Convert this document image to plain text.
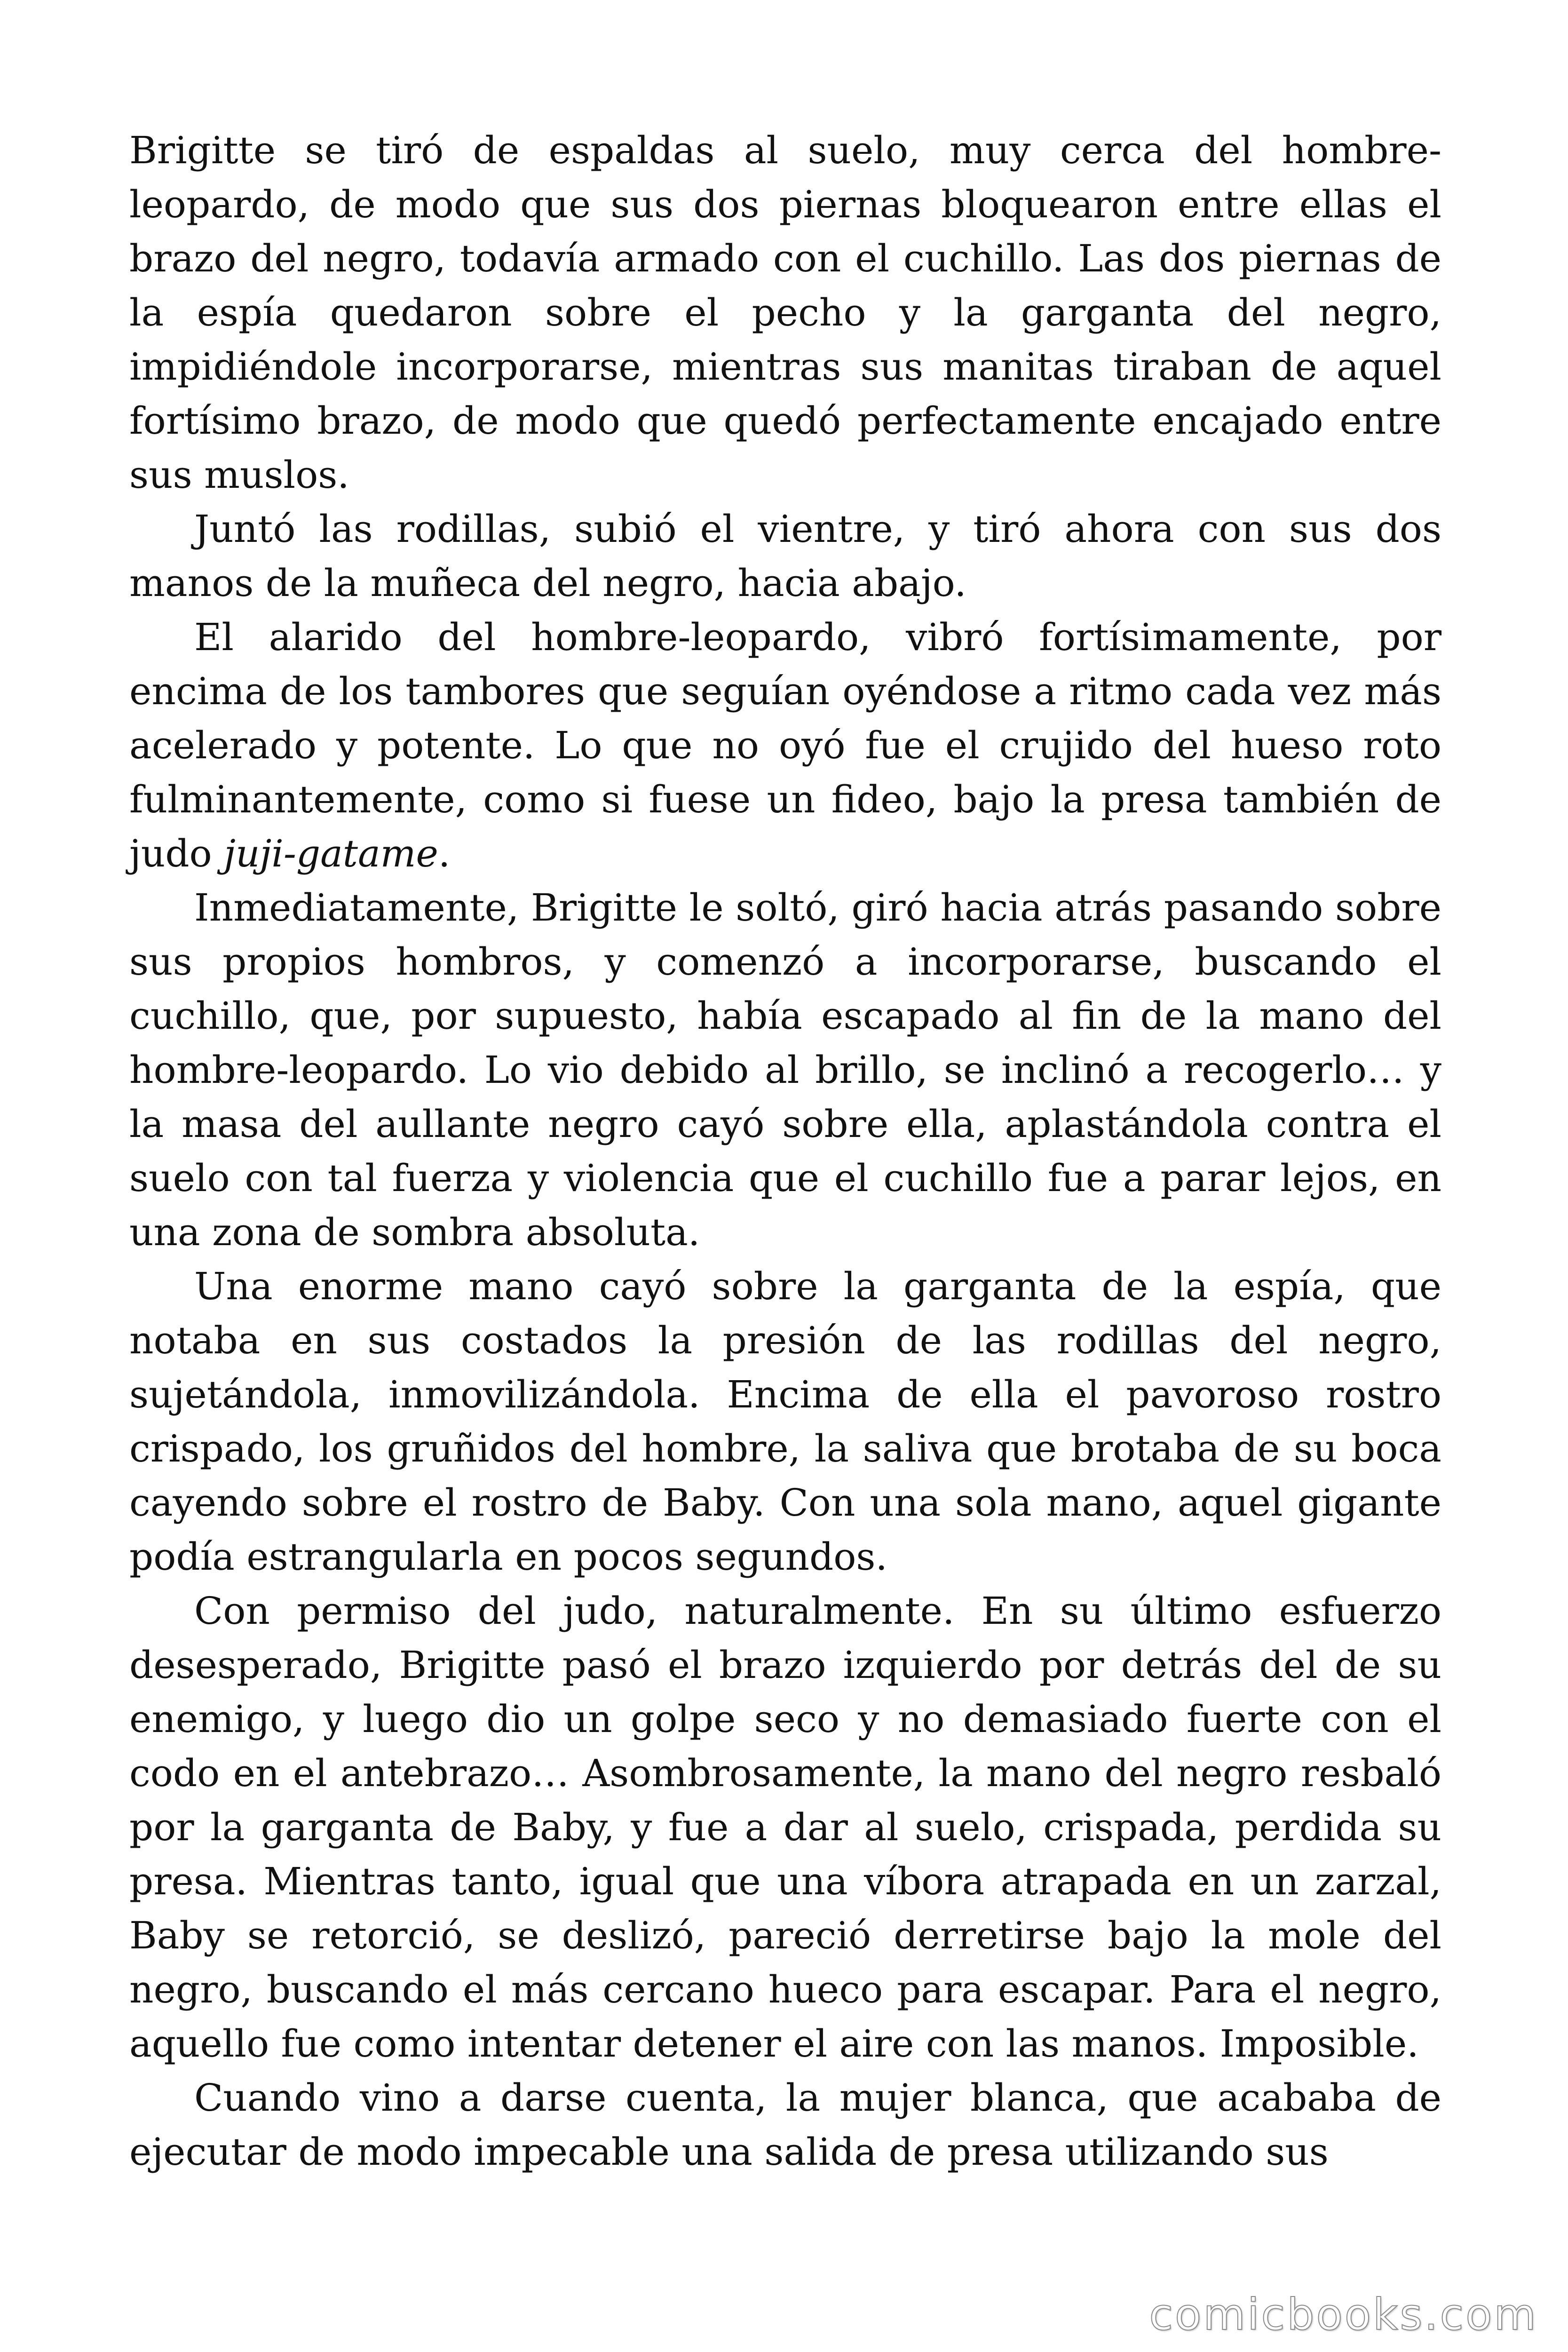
Brigitte se tiró de espaldas al suelo, muy cerca del hombre-leopardo, de modo que sus dos piernas bloquearon entre ellas el brazo del negro, todavía armado con el cuchillo. Las dos piernas de la espía quedaron sobre el pecho y la garganta del negro, impidiéndole incorporarse, mientras sus manitas tiraban de aquel fortísimo brazo, de modo que quedó perfectamente encajado entre sus muslos.

Juntó las rodillas, subió el vientre, y tiró ahora con sus dos manos de la muñeca del negro, hacia abajo.

El alarido del hombre-leopardo, vibró fortísimamente, por encima de los tambores que seguían oyéndose a ritmo cada vez más acelerado y potente. Lo que no oyó fue el crujido del hueso roto fulminantemente, como si fuese un fideo, bajo la presa también de judo juji-gatame.

Inmediatamente, Brigitte le soltó, giró hacia atrás pasando sobre sus propios hombros, y comenzó a incorporarse, buscando el cuchillo, que, por supuesto, había escapado al fin de la mano del hombre-leopardo. Lo vio debido al brillo, se inclinó a recogerlo… y la masa del aullante negro cayó sobre ella, aplastándola contra el suelo con tal fuerza y violencia que el cuchillo fue a parar lejos, en una zona de sombra absoluta.

Una enorme mano cayó sobre la garganta de la espía, que notaba en sus costados la presión de las rodillas del negro, sujetándola, inmovilizándola. Encima de ella el pavoroso rostro crispado, los gruñidos del hombre, la saliva que brotaba de su boca cayendo sobre el rostro de Baby. Con una sola mano, aquel gigante podía estrangularla en pocos segundos.

Con permiso del judo, naturalmente. En su último esfuerzo desesperado, Brigitte pasó el brazo izquierdo por detrás del de su enemigo, y luego dio un golpe seco y no demasiado fuerte con el codo en el antebrazo… Asombrosamente, la mano del negro resbaló por la garganta de Baby, y fue a dar al suelo, crispada, perdida su presa. Mientras tanto, igual que una víbora atrapada en un zarzal, Baby se retorció, se deslizó, pareció derretirse bajo la mole del negro, buscando el más cercano hueco para escapar. Para el negro, aquello fue como intentar detener el aire con las manos. Imposible.

Cuando vino a darse cuenta, la mujer blanca, que acababa de ejecutar de modo impecable una salida de presa utilizando sus

comicbooks.com
